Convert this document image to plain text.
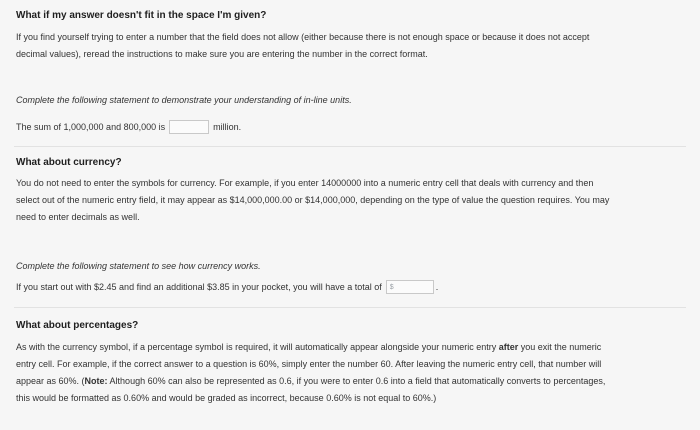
What if my answer doesn't fit in the space I'm given?
If you find yourself trying to enter a number that the field does not allow (either because there is not enough space or because it does not accept
decimal values), reread the instructions to make sure you are entering the number in the correct format.
Complete the following statement to demonstrate your understanding of in-line units.
The sum of 1,000,000 and 800,000 is	million.
What about currency?
You do not need to enter the symbols for currency. For example, if you enter 14000000 into a numeric entry cell that deals with currency and then
select out of the numeric entry field, it may appear as $14,000,000.00 or $14,000,000, depending on the type of value the question requires. You may
need to enter decimals as well.
Complete the following statement to see how currency works.
If you start out with $2.45 and find an additional $3.85 in your pocket, you will have a total of $	.
What about percentages?
As with the currency symbol, if a percentage symbol is required, it will automatically appear alongside your numeric entry after you exit the numeric
entry cell. For example, if the correct answer to a question is 60%, simply enter the number 60. After leaving the numeric entry cell, that number will
appear as 60%. (Note: Although 60% can also be represented as 0.6, if you were to enter 0.6 into a field that automatically converts to percentages,
this would be formatted as 0.60% and would be graded as incorrect, because 0.60% is not equal to 60%.)
